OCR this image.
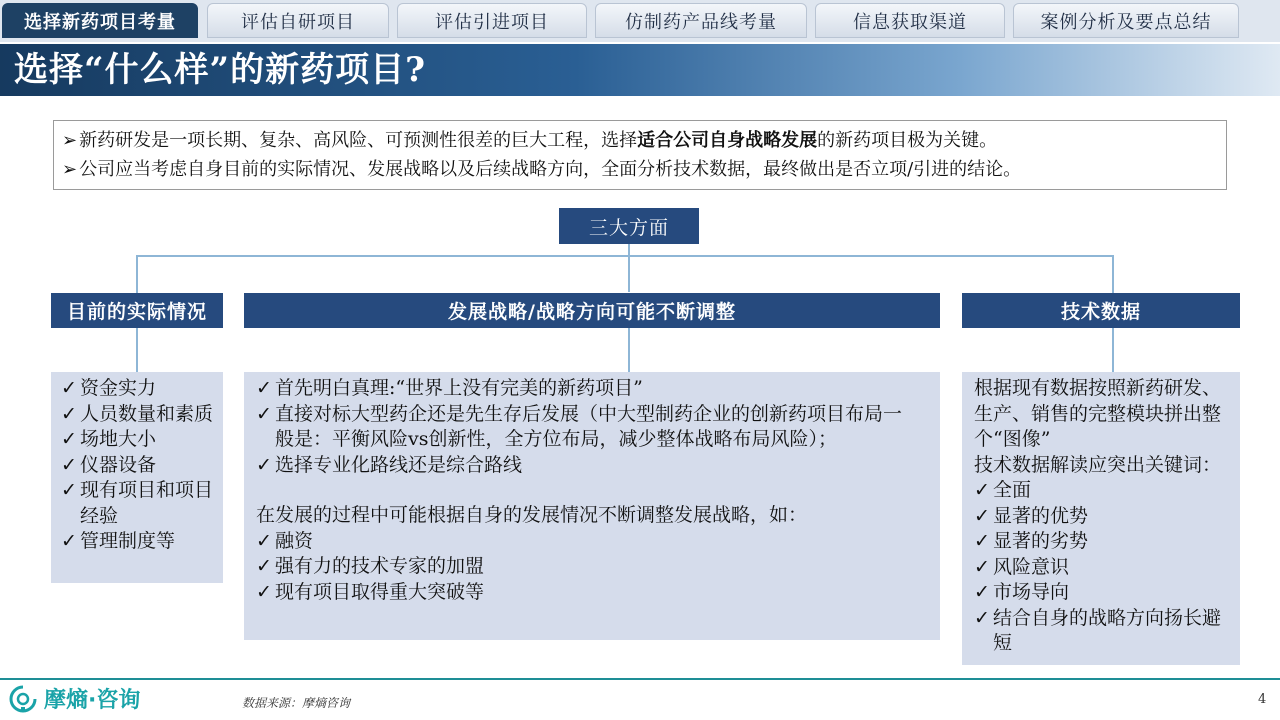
选择新药项目考量	评估自研项目	评估引进项目	仿制药产品线考量	信息获取渠道	案例分析及要点总结
选择“什么样”的新药项目?
➢ 新药研发是一项长期、复杂、高风险、可预测性很差的巨大工程，选择适合公司自身战略发展的新药项目极为关键。
➢ 公司应当考虑自身目前的实际情况、发展战略以及后续战略方向，全面分析技术数据，最终做出是否立项/引进的结论。
三大方面
目前的实际情况	发展战略/战略方向可能不断调整	技术数据
✓ 资金实力
✓ 人员数量和素质
✓ 场地大小
✓ 仪器设备
✓ 现有项目和项目经验
✓ 管理制度等
✓ 首先明白真理:“世界上没有完美的新药项目”
✓ 直接对标大型药企还是先生存后发展（中大型制药企业的创新药项目布局一般是：平衡风险vs创新性，全方位布局，减少整体战略布局风险）；
✓ 选择专业化路线还是综合路线
在发展的过程中可能根据自身的发展情况不断调整发展战略，如：
✓ 融资
✓ 强有力的技术专家的加盟
✓ 现有项目取得重大突破等
根据现有数据按照新药研发、生产、销售的完整模块拼出整个“图像”
技术数据解读应突出关键词：
✓ 全面
✓ 显著的优势
✓ 显著的劣势
✓ 风险意识
✓ 市场导向
✓ 结合自身的战略方向扬长避短
摩熵·咨询	数据来源：摩熵咨询	4
